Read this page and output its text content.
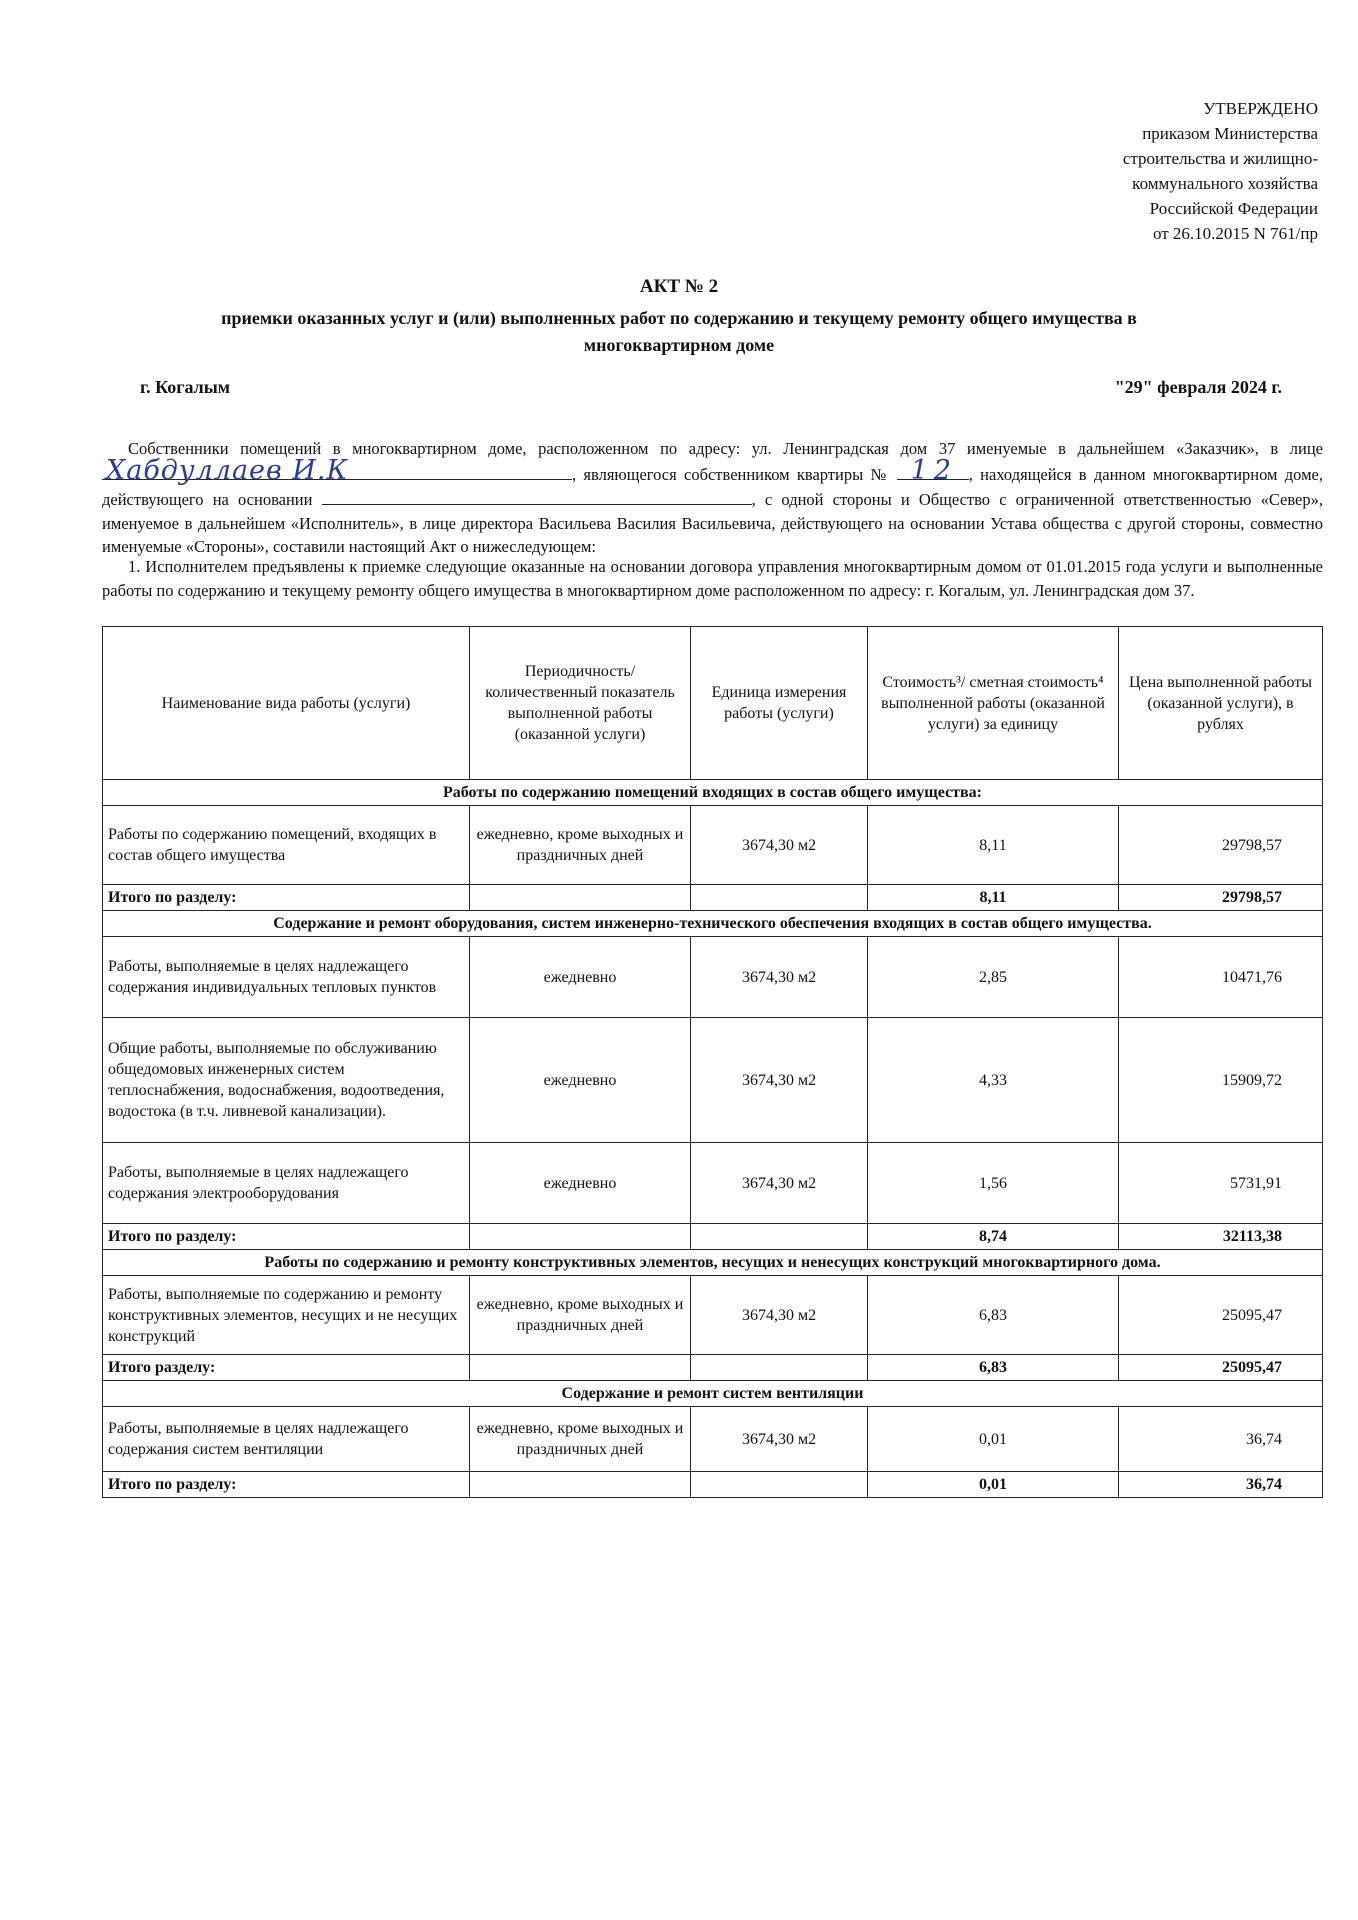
УТВЕРЖДЕНО
приказом Министерства
строительства и жилищно-
коммунального хозяйства
Российской Федерации
от 26.10.2015 N 761/пр
АКТ № 2
приемки оказанных услуг и (или) выполненных работ по содержанию и текущему ремонту общего имущества в многоквартирном доме
г. Когалым	"29" февраля 2024 г.
Собственники помещений в многоквартирном доме, расположенном по адресу: ул. Ленинградская дом 37 именуемые в дальнейшем «Заказчик», в лице
Хабдуллаев И.К	, являющегося собственником квартиры № 12 , находящейся в данном многоквартирном доме, действующего на основании	, с одной стороны и Общество с ограниченной ответственностью «Север», именуемое в дальнейшем «Исполнитель», в лице директора Васильева Василия Васильевича, действующего на основании Устава общества с другой стороны, совместно именуемые «Стороны», составили настоящий Акт о нижеследующем:
1. Исполнителем предъявлены к приемке следующие оказанные на основании договора управления многоквартирным домом от 01.01.2015 года услуги и выполненные работы по содержанию и текущему ремонту общего имущества в многоквартирном доме расположенном по адресу: г. Когалым, ул. Ленинградская дом 37.
Наименование вида работы (услуги)	Периодичность/ количественный показатель выполненной работы (оказанной услуги)	Единица измерения работы (услуги)	Стоимость³/ сметная стоимость⁴ выполненной работы (оказанной услуги) за единицу	Цена выполненной работы (оказанной услуги), в рублях
Работы по содержанию помещений входящих в состав общего имущества:				
Работы по содержанию помещений, входящих в состав общего имущества	ежедневно, кроме выходных и праздничных дней	3674,30 м2	8,11	29798,57
Итого по разделу:			8,11	29798,57
Содержание и ремонт оборудования, систем инженерно-технического обеспечения входящих в состав общего имущества.				
Работы, выполняемые в целях надлежащего содержания индивидуальных тепловых пунктов	ежедневно	3674,30 м2	2,85	10471,76
Общие работы, выполняемые по обслуживанию общедомовых инженерных систем теплоснабжения, водоснабжения, водоотведения, водостока (в т.ч. ливневой канализации).	ежедневно	3674,30 м2	4,33	15909,72
Работы, выполняемые в целях надлежащего содержания электрооборудования	ежедневно	3674,30 м2	1,56	5731,91
Итого по разделу:			8,74	32113,38
Работы по содержанию и ремонту конструктивных элементов, несущих и ненесущих конструкций многоквартирного дома.				
Работы, выполняемые по содержанию и ремонту конструктивных элементов, несущих и не несущих конструкций	ежедневно, кроме выходных и праздничных дней	3674,30 м2	6,83	25095,47
Итого разделу:			6,83	25095,47
Содержание и ремонт систем вентиляции				
Работы, выполняемые в целях надлежащего содержания систем вентиляции	ежедневно, кроме выходных и праздничных дней	3674,30 м2	0,01	36,74
Итого по разделу:			0,01	36,74
